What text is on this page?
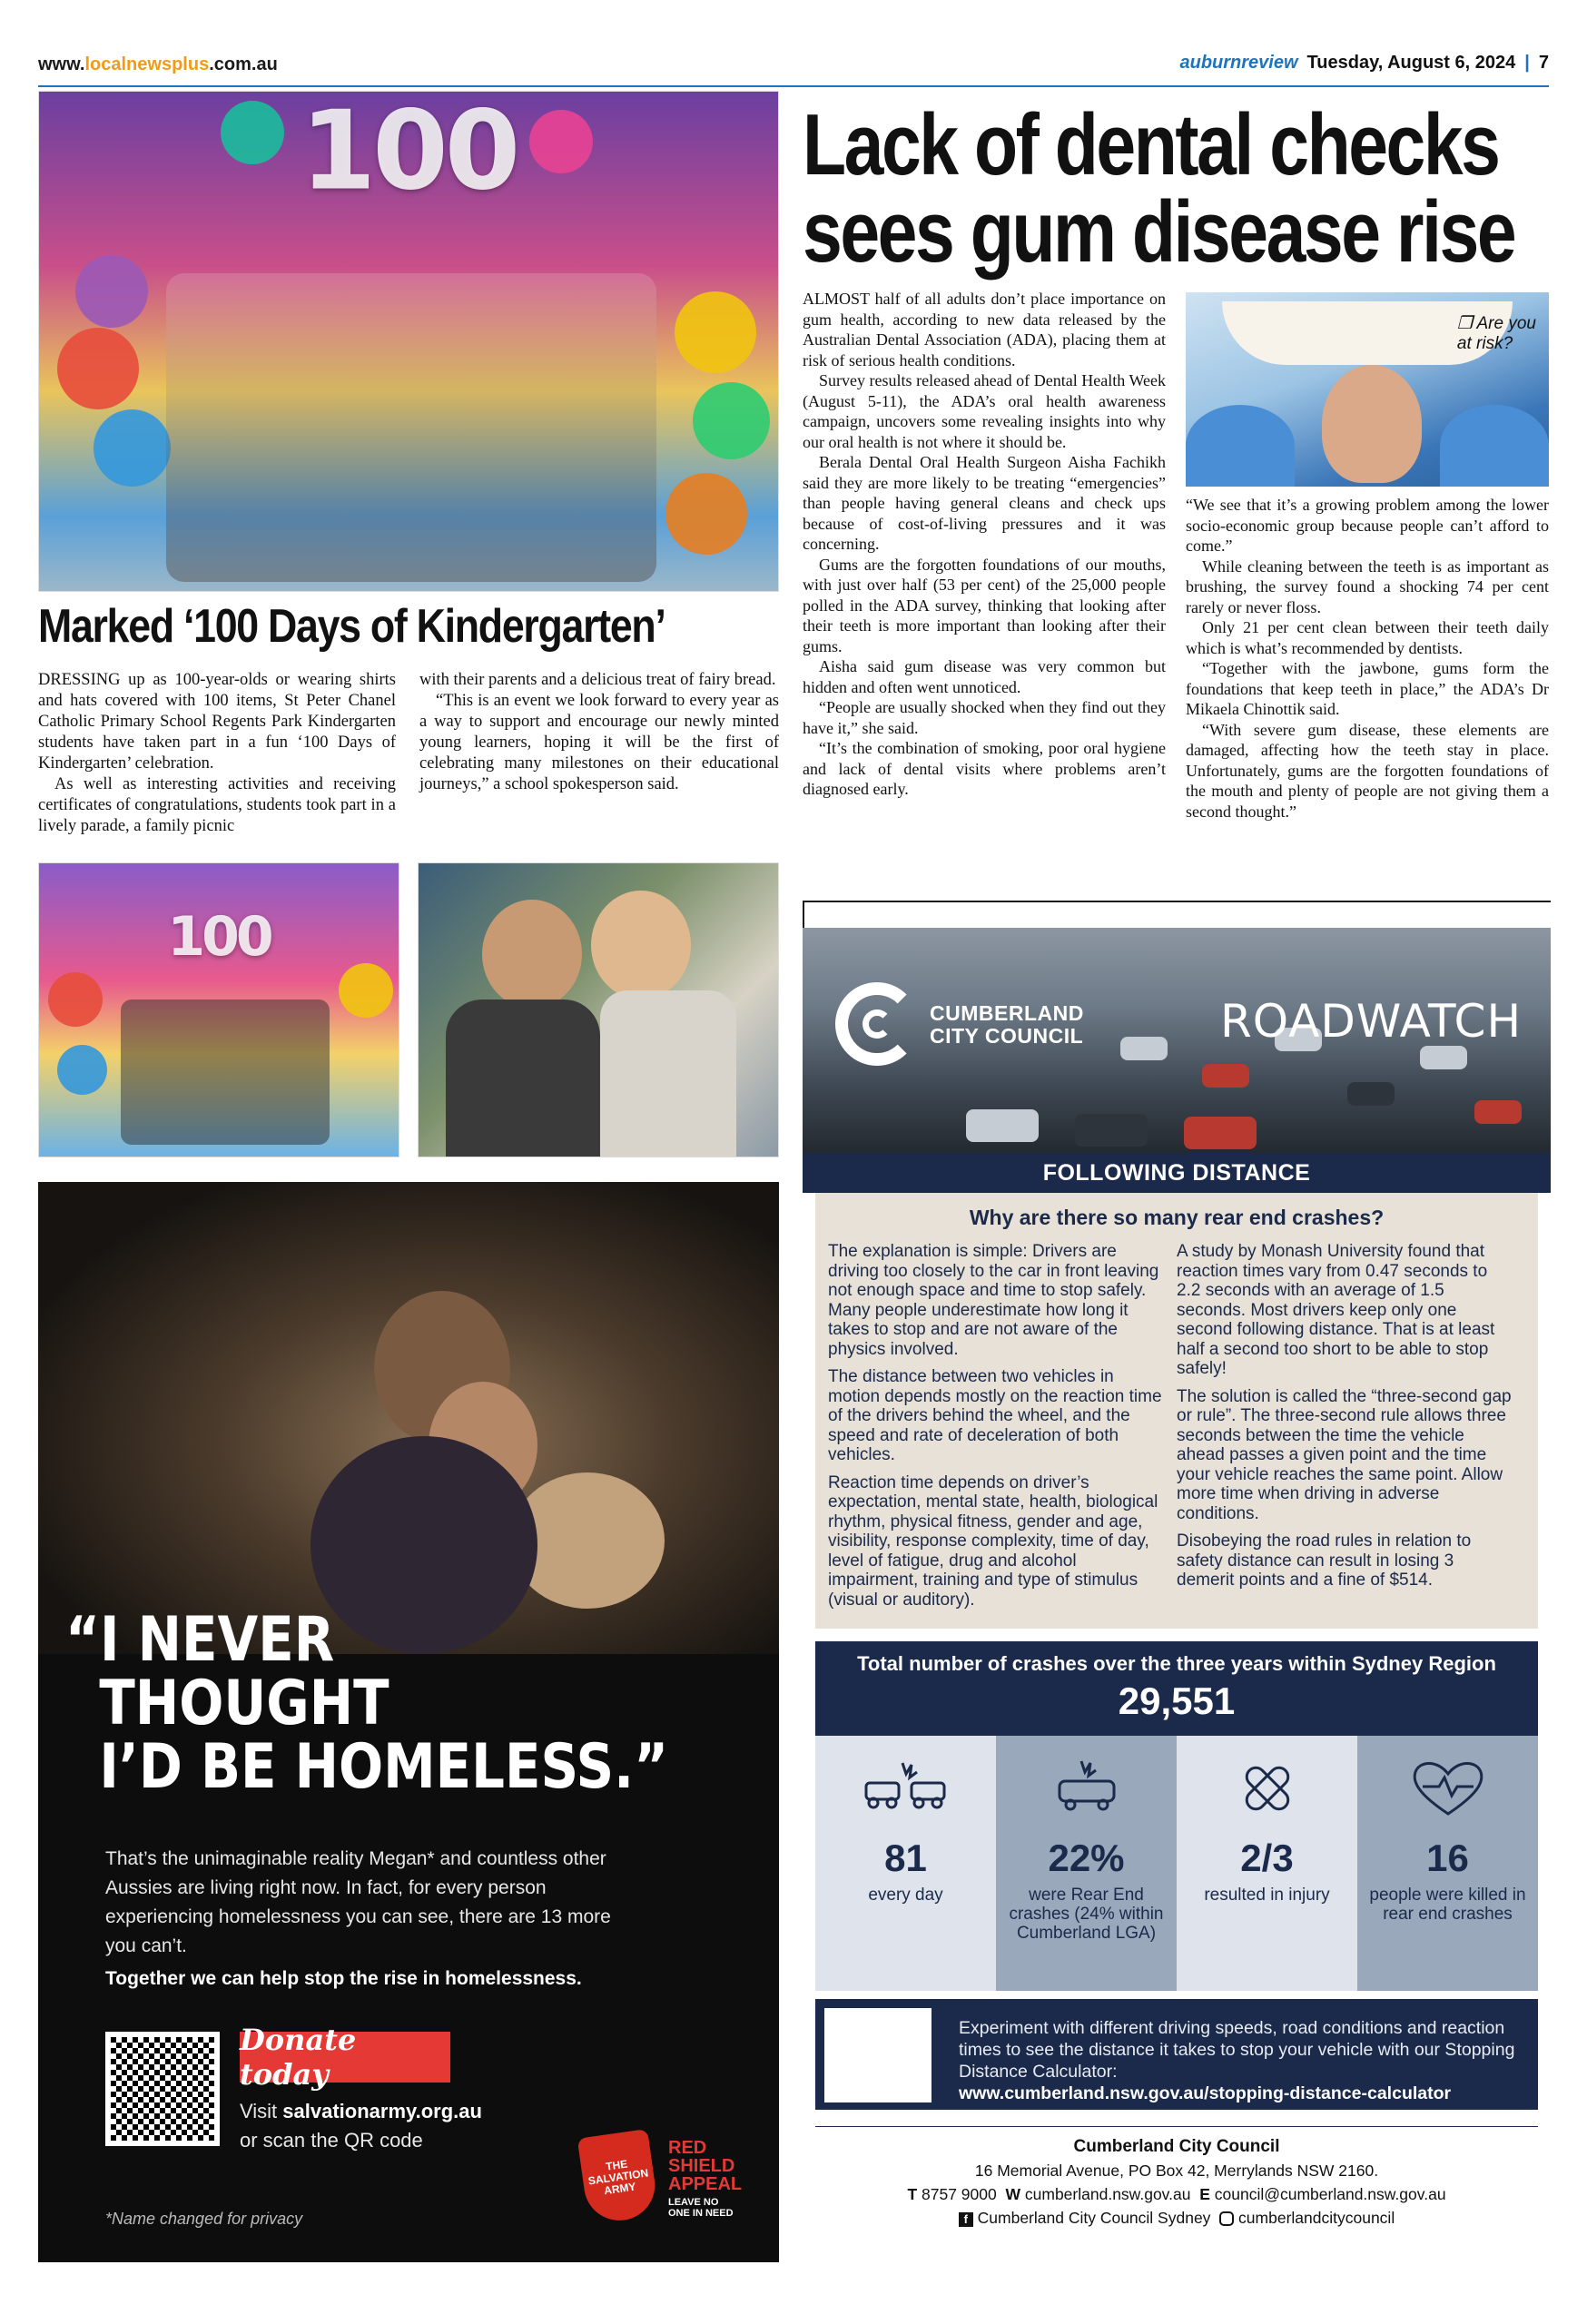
www.localnewsplus.com.au	auburnreview Tuesday, August 6, 2024 | 7
100
Marked ‘100 Days of Kindergarten’

DRESSING up as 100-year-olds or wearing shirts and hats covered with 100 items, St Peter Chanel Catholic Primary School Regents Park Kindergarten students have taken part in a fun ‘100 Days of Kindergarten’ celebration.

As well as interesting activities and receiving certificates of congratulations, students took part in a lively parade, a family picnic

with their parents and a delicious treat of fairy bread.

“This is an event we look forward to every year as a way to support and encourage our newly minted young learners, hoping it will be the first of celebrating many milestones on their educational journeys,” a school spokesperson said.

100
Lack of dental checks
sees gum disease rise

ALMOST half of all adults don’t place importance on gum health, according to new data released by the Australian Dental Association (ADA), placing them at risk of serious health conditions.

Survey results released ahead of Dental Health Week (August 5-11), the ADA’s oral health awareness campaign, uncovers some revealing insights into why our oral health is not where it should be.

Berala Dental Oral Health Surgeon Aisha Fachikh said they are more likely to be treating “emergencies” than people having general cleans and check ups because of cost-of-living pressures and it was concerning.

Gums are the forgotten foundations of our mouths, with just over half (53 per cent) of the 25,000 people polled in the ADA survey, thinking that looking after their teeth is more important than looking after their gums.

Aisha said gum disease was very common but hidden and often went unnoticed.

“People are usually shocked when they find out they have it,” she said.

“It’s the combination of smoking, poor oral hygiene and lack of dental visits where problems aren’t diagnosed early.

❒ Are you
at risk?

“We see that it’s a growing problem among the lower socio-economic group because people can’t afford to come.”

While cleaning between the teeth is as important as brushing, the survey found a shocking 74 per cent rarely or never floss.

Only 21 per cent clean between their teeth daily which is what’s recommended by dentists.

“Together with the jawbone, gums form the foundations that keep teeth in place,” the ADA’s Dr Mikaela Chinottik said.

“With severe gum disease, these elements are damaged, affecting how the teeth stay in place. Unfortunately, gums are the forgotten foundations of the mouth and plenty of people are not giving them a second thought.”

“I NEVER
THOUGHT
I’D BE HOMELESS.”
That’s the unimaginable reality Megan* and countless other Aussies are living right now. In fact, for every person experiencing homelessness you can see, there are 13 more you can’t.
Together we can help stop the rise in homelessness.
Donate today
Visit salvationarmy.org.au
or scan the QR code
*Name changed for privacy
THE SALVATION ARMY
RED
SHIELD
APPEAL
LEAVE NO
ONE IN NEED
CUMBERLAND
CITY COUNCIL	ROADWATCH
FOLLOWING DISTANCE
Why are there so many rear end crashes?

The explanation is simple: Drivers are driving too closely to the car in front leaving not enough space and time to stop safely. Many people underestimate how long it takes to stop and are not aware of the physics involved.

The distance between two vehicles in motion depends mostly on the reaction time of the drivers behind the wheel, and the speed and rate of deceleration of both vehicles.

Reaction time depends on driver’s expectation, mental state, health, biological rhythm, physical fitness, gender and age, visibility, response complexity, time of day, level of fatigue, drug and alcohol impairment, training and type of stimulus (visual or auditory).

A study by Monash University found that reaction times vary from 0.47 seconds to 2.2 seconds with an average of 1.5 seconds. Most drivers keep only one second following distance. That is at least half a second too short to be able to stop safely!

The solution is called the “three-second gap or rule”. The three-second rule allows three seconds between the time the vehicle ahead passes a given point and the time your vehicle reaches the same point. Allow more time when driving in adverse conditions.

Disobeying the road rules in relation to safety distance can result in losing 3 demerit points and a fine of $514.

Total number of crashes over the three years within Sydney Region
29,551
81
every day
22%
were Rear End crashes (24% within Cumberland LGA)
2/3
resulted in injury
16
people were killed in rear end crashes
Experiment with different driving speeds, road conditions and reaction times to see the distance it takes to stop your vehicle with our Stopping Distance Calculator:
www.cumberland.nsw.gov.au/stopping-distance-calculator
Cumberland City Council
16 Memorial Avenue, PO Box 42, Merrylands NSW 2160.
T 8757 9000 W cumberland.nsw.gov.au E council@cumberland.nsw.gov.au
f Cumberland City Council Sydney cumberlandcitycouncil
